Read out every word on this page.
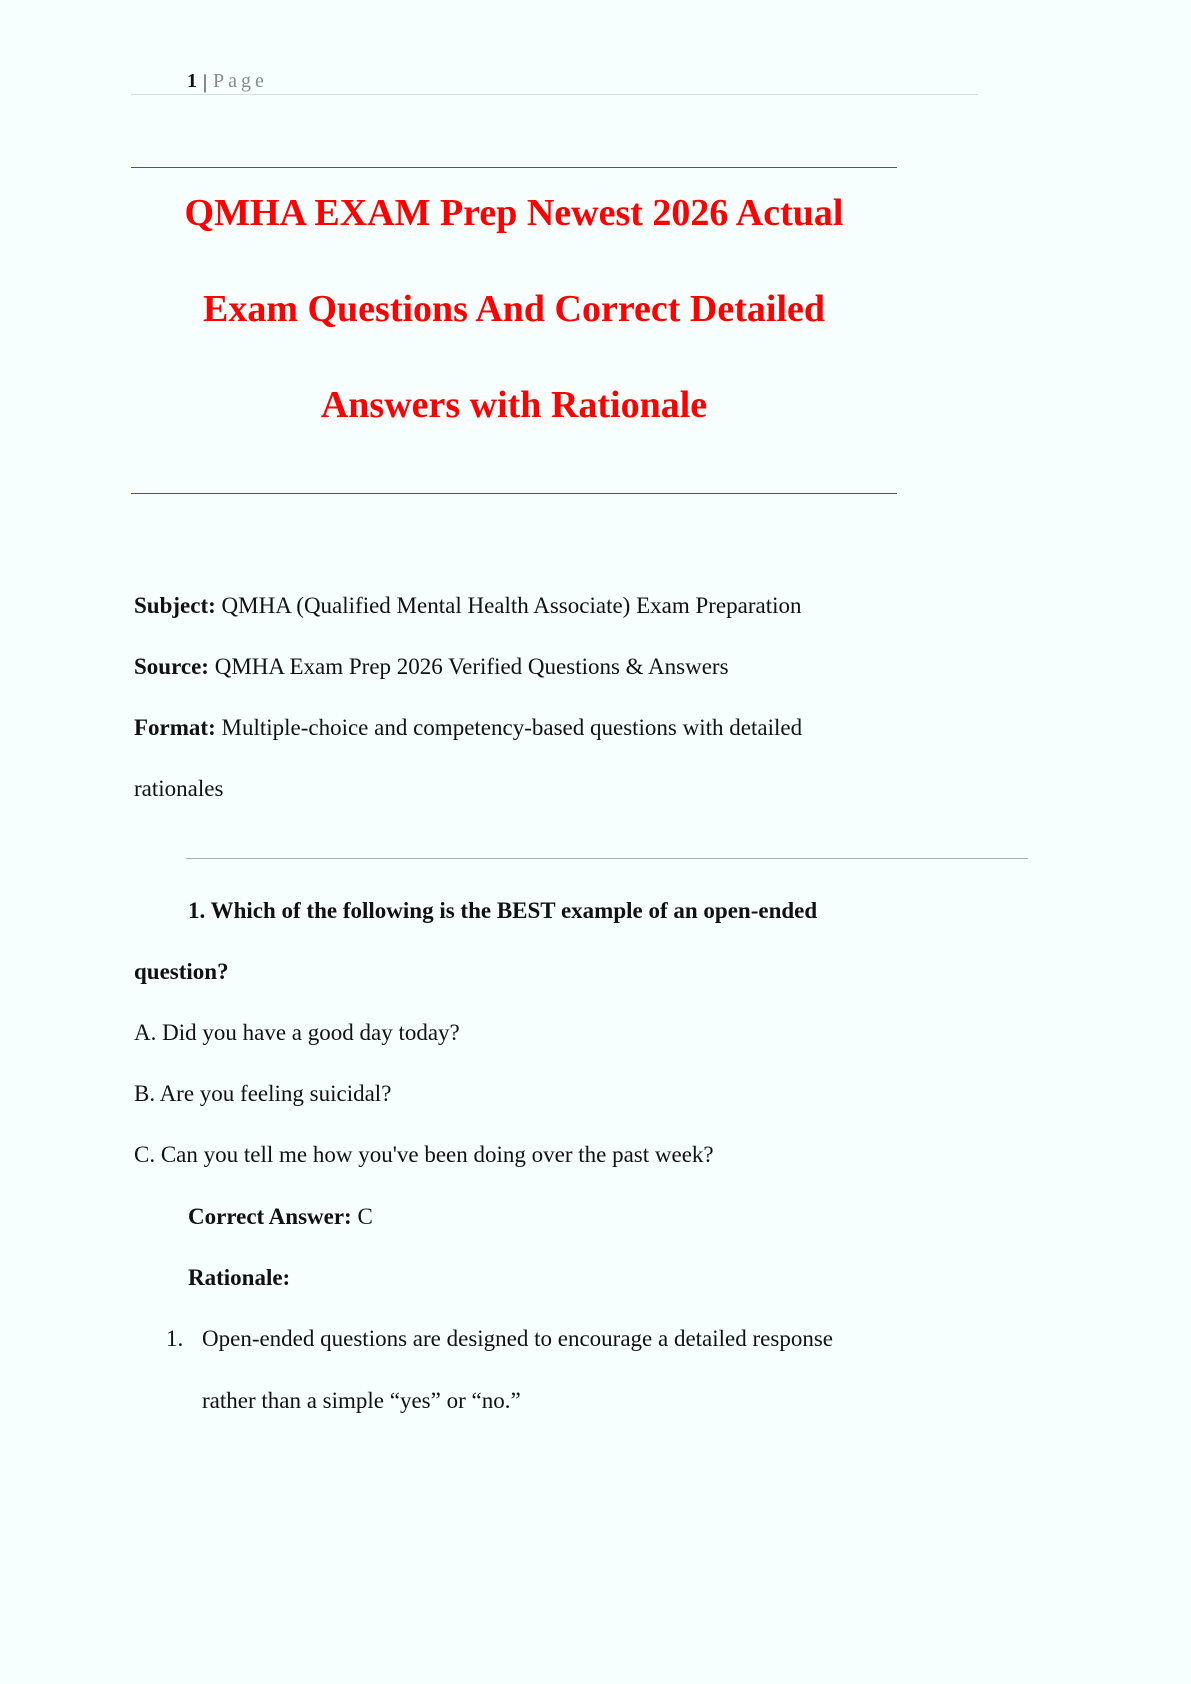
1 | Page
QMHA EXAM Prep Newest 2026 Actual
Exam Questions And Correct Detailed
Answers with Rationale
Subject: QMHA (Qualified Mental Health Associate) Exam Preparation
Source: QMHA Exam Prep 2026 Verified Questions & Answers
Format: Multiple-choice and competency-based questions with detailed
rationales
1. Which of the following is the BEST example of an open-ended
question?
A. Did you have a good day today?
B. Are you feeling suicidal?
C. Can you tell me how you've been doing over the past week?
Correct Answer: C
Rationale:
1. Open-ended questions are designed to encourage a detailed response
rather than a simple “yes” or “no.”
